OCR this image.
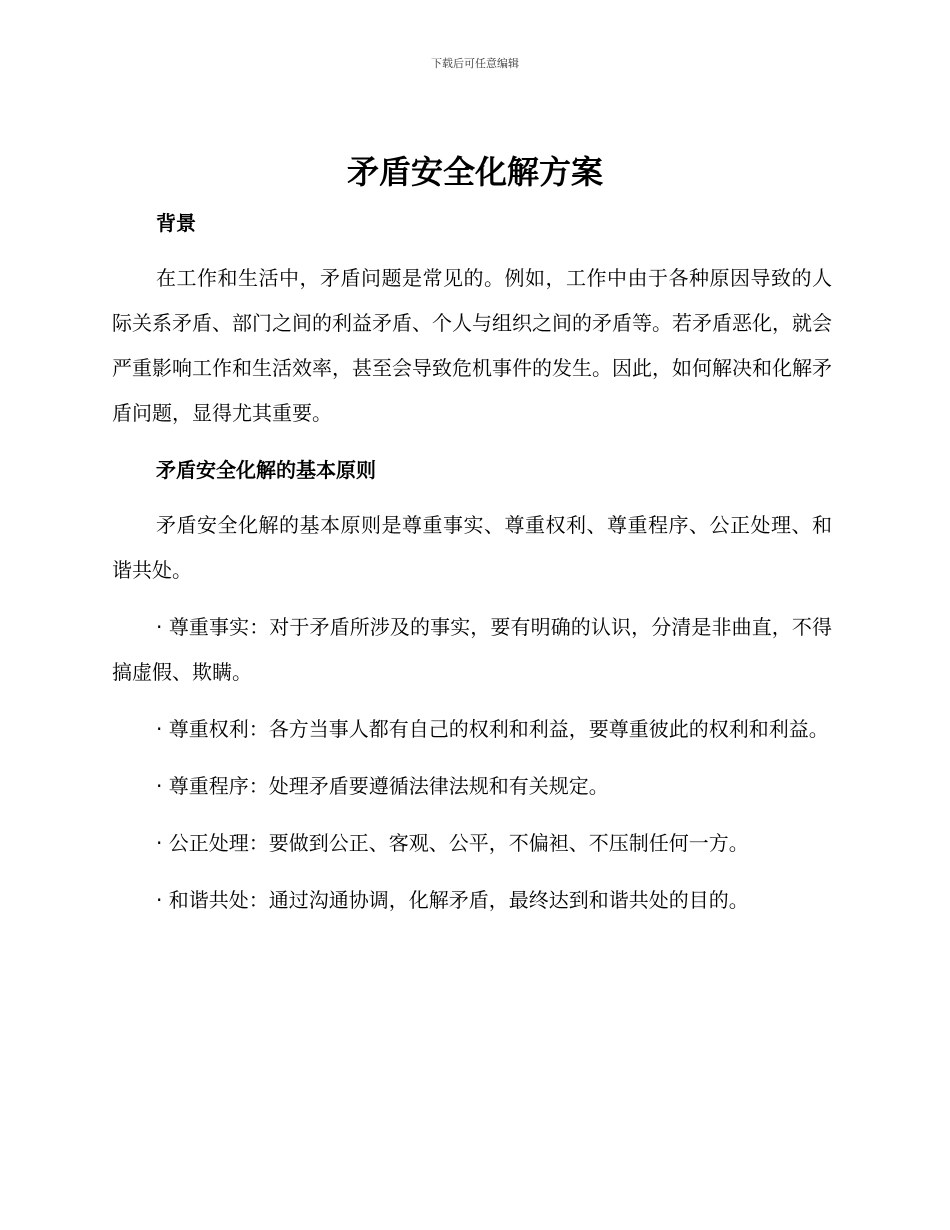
下载后可任意编辑
矛盾安全化解方案
背景

在工作和生活中，矛盾问题是常见的。例如，工作中由于各种原因导致的人际关系矛盾、部门之间的利益矛盾、个人与组织之间的矛盾等。若矛盾恶化，就会严重影响工作和生活效率，甚至会导致危机事件的发生。因此，如何解决和化解矛盾问题，显得尤其重要。

矛盾安全化解的基本原则

矛盾安全化解的基本原则是尊重事实、尊重权利、尊重程序、公正处理、和谐共处。

· 尊重事实：对于矛盾所涉及的事实，要有明确的认识，分清是非曲直，不得搞虚假、欺瞒。

· 尊重权利：各方当事人都有自己的权利和利益，要尊重彼此的权利和利益。

· 尊重程序：处理矛盾要遵循法律法规和有关规定。

· 公正处理：要做到公正、客观、公平，不偏袒、不压制任何一方。

· 和谐共处：通过沟通协调，化解矛盾，最终达到和谐共处的目的。
